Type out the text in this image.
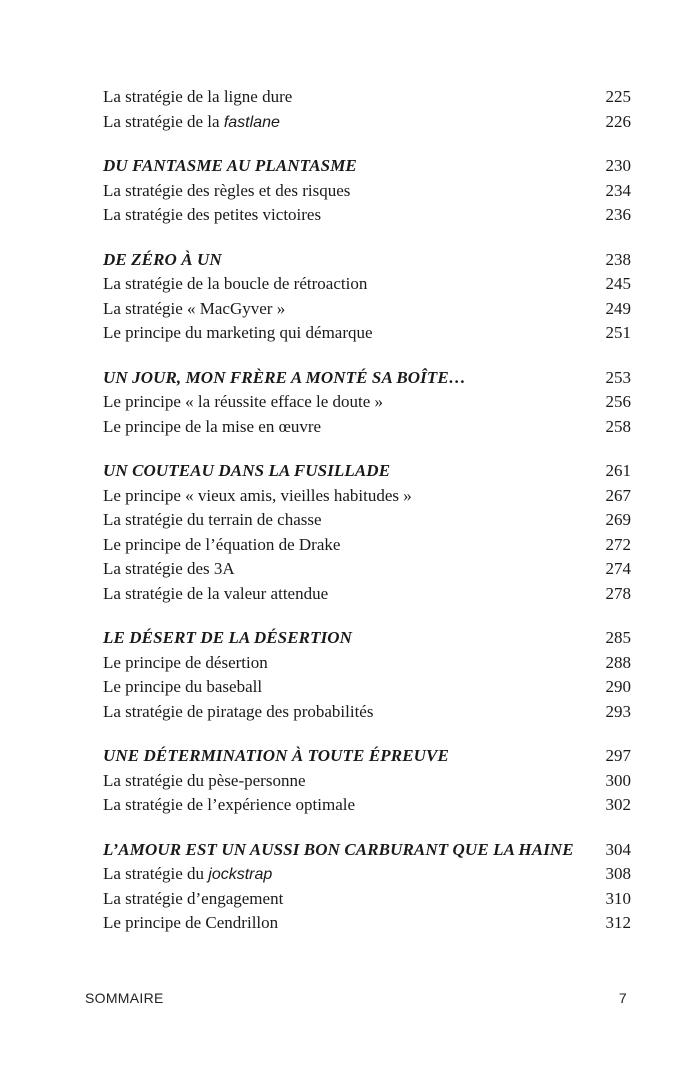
La stratégie de la ligne dure	225
La stratégie de la fastlane	226
DU FANTASME AU PLANTASME	230
La stratégie des règles et des risques	234
La stratégie des petites victoires	236
DE ZÉRO À UN	238
La stratégie de la boucle de rétroaction	245
La stratégie « MacGyver »	249
Le principe du marketing qui démarque	251
UN JOUR, MON FRÈRE A MONTÉ SA BOÎTE…	253
Le principe « la réussite efface le doute »	256
Le principe de la mise en œuvre	258
UN COUTEAU DANS LA FUSILLADE	261
Le principe « vieux amis, vieilles habitudes »	267
La stratégie du terrain de chasse	269
Le principe de l’équation de Drake	272
La stratégie des 3A	274
La stratégie de la valeur attendue	278
LE DÉSERT DE LA DÉSERTION	285
Le principe de désertion	288
Le principe du baseball	290
La stratégie de piratage des probabilités	293
UNE DÉTERMINATION À TOUTE ÉPREUVE	297
La stratégie du pèse-personne	300
La stratégie de l’expérience optimale	302
L’AMOUR EST UN AUSSI BON CARBURANT QUE LA HAINE 304
La stratégie du jockstrap	308
La stratégie d’engagement	310
Le principe de Cendrillon	312
SOMMAIRE	7
